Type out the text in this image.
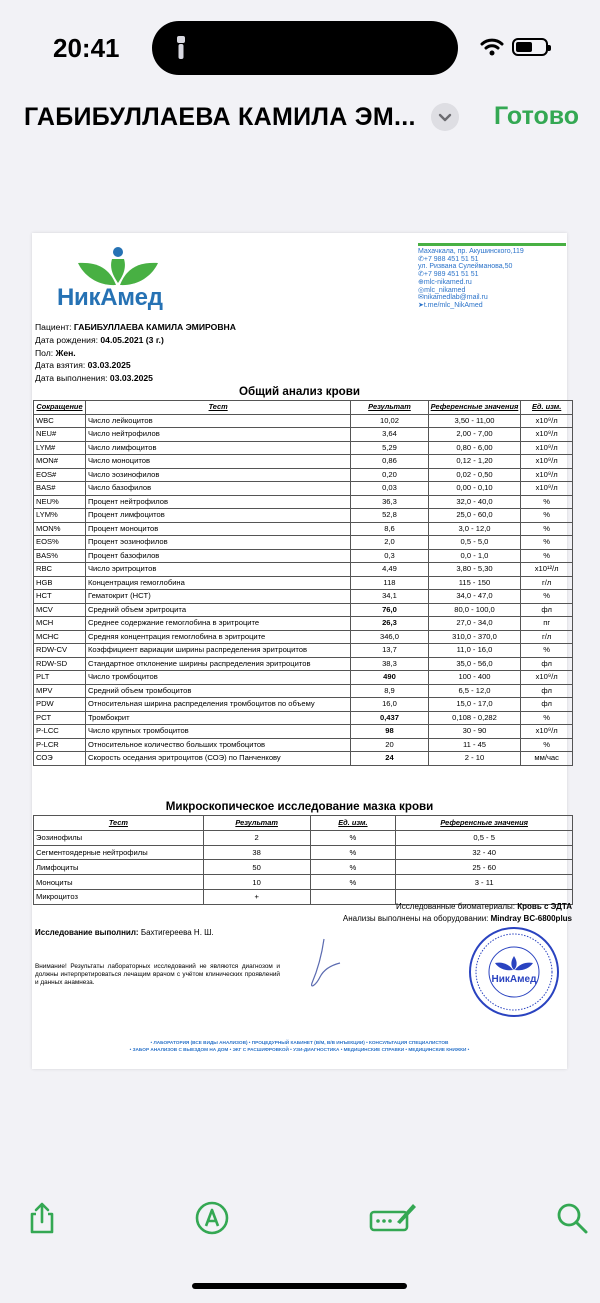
20:41
ГАБИБУЛЛАЕВА КАМИЛА ЭМ...	Готово
НикАмед
Махачкала, пр. Акушинского,119
✆+7 988 451 51 51
ул. Ризвана Сулейманова,50
✆+7 989 451 51 51
⊕mlc-nikamed.ru
◎mlc_nikamed
✉nikamedlab@mail.ru
➤t.me/mlc_NikAmed
Пациент: ГАБИБУЛЛАЕВА КАМИЛА ЭМИРОВНА
Дата рождения: 04.05.2021 (3 г.)
Пол: Жен.
Дата взятия: 03.03.2025
Дата выполнения: 03.03.2025
Общий анализ крови
Сокращение	Тест	Результат	Референсные значения	Ед. изм.
WBC	Число лейкоцитов	10,02	3,50 - 11,00	x10⁹/л
NEU#	Число нейтрофилов	3,64	2,00 - 7,00	x10⁹/л
LYM#	Число лимфоцитов	5,29	0,80 - 6,00	x10⁹/л
MON#	Число моноцитов	0,86	0,12 - 1,20	x10⁹/л
EOS#	Число эозинофилов	0,20	0,02 - 0,50	x10⁹/л
BAS#	Число базофилов	0,03	0,00 - 0,10	x10⁹/л
NEU%	Процент нейтрофилов	36,3	32,0 - 40,0	%
LYM%	Процент лимфоцитов	52,8	25,0 - 60,0	%
MON%	Процент моноцитов	8,6	3,0 - 12,0	%
EOS%	Процент эозинофилов	2,0	0,5 - 5,0	%
BAS%	Процент базофилов	0,3	0,0 - 1,0	%
RBC	Число эритроцитов	4,49	3,80 - 5,30	x10¹²/л
HGB	Концентрация гемоглобина	118	115 - 150	г/л
HCT	Гематокрит (HCT)	34,1	34,0 - 47,0	%
MCV	Средний объем эритроцита	76,0	80,0 - 100,0	фл
MCH	Среднее содержание гемоглобина в эритроците	26,3	27,0 - 34,0	пг
MCHC	Средняя концентрация гемоглобина в эритроците	346,0	310,0 - 370,0	г/л
RDW-CV	Коэффициент вариации ширины распределения эритроцитов	13,7	11,0 - 16,0	%
RDW-SD	Стандартное отклонение ширины распределения эритроцитов	38,3	35,0 - 56,0	фл
PLT	Число тромбоцитов	490	100 - 400	x10⁹/л
MPV	Средний объем тромбоцитов	8,9	6,5 - 12,0	фл
PDW	Относительная ширина распределения тромбоцитов по объему	16,0	15,0 - 17,0	фл
PCT	Тромбокрит	0,437	0,108 - 0,282	%
P-LCC	Число крупных тромбоцитов	98	30 - 90	x10⁹/л
P-LCR	Относительное количество больших тромбоцитов	20	11 - 45	%
СОЭ	Скорость оседания эритроцитов (СОЭ) по Панченкову	24	2 - 10	мм/час
Микроскопическое исследование мазка крови
Тест	Результат	Ед. изм.	Референсные значения
Эозинофилы	2	%	0,5 - 5
Сегментоядерные нейтрофилы	38	%	32 - 40
Лимфоциты	50	%	25 - 60
Моноциты	10	%	3 - 11
Микроцитоз	+		
Исследованные биоматериалы: Кровь с ЭДТА
Анализы выполнены на оборудовании: Mindray BC-6800plus
Исследование выполнил: Бахтигереева Н. Ш.
Внимание! Результаты лабораторных исследований не являются диагнозом и должны интерпретироваться лечащим врачом с учётом клинических проявлений и данных анамнеза.	НикАмед
• ЛАБОРАТОРИЯ (ВСЕ ВИДЫ АНАЛИЗОВ) • ПРОЦЕДУРНЫЙ КАБИНЕТ (В/М, В/В ИНЪЕКЦИИ) • КОНСУЛЬТАЦИЯ СПЕЦИАЛИСТОВ
• ЗАБОР АНАЛИЗОВ С ВЫЕЗДОМ НА ДОМ • ЭКГ С РАСШИФРОВКОЙ • УЗИ-ДИАГНОСТИКА • МЕДИЦИНСКИЕ СПРАВКИ • МЕДИЦИНСКИЕ КНИЖКИ •
